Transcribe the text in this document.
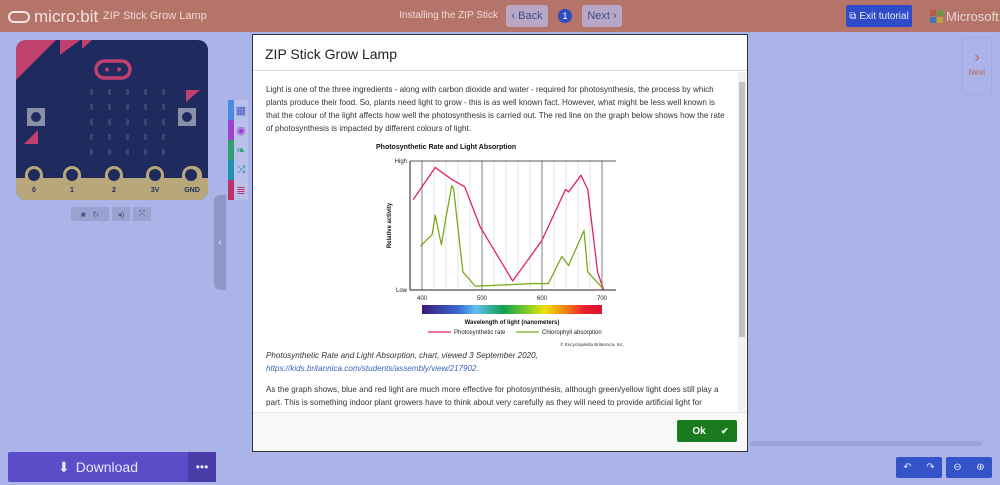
micro:bit ZIP Stick Grow Lamp	Installing the ZIP Stick ‹ Back	1	Next ›	⧉ Exit tutorial	Microsoft
0	1	2	3V	GND
■
↻	◂)	⤧
‹
▦
◉
❧
⤨
≣
›
Next
ZIP Stick Grow Lamp

Light is one of the three ingredients - along with carbon dioxide and water - required for photosynthesis, the process by which plants produce their food. So, plants need light to grow - this is as well known fact. However, what might be less well known is that the colour of the light affects how well the photosynthesis is carried out. The red line on the graph below shows how the rate of photosynthesis is impacted by different colours of light.

Photosynthetic Rate and Light Absorption
400	500	600	700
Low
High
Relative activity
Wavelength of light (nanometers)
Photosynthetic rate	Chlorophyll absorption
© Encyclopædia Britannica, Inc.

Photosynthetic Rate and Light Absorption, chart, viewed 3 September 2020,
https://kids.britannica.com/students/assembly/view/217902.

As the graph shows, blue and red light are much more effective for photosynthesis, although green/yellow light does still play a part. This is something indoor plant growers have to think about very carefully as they will need to provide artificial light for

Ok	✔
⬇ Download	•••	↶ ↷ ⊖ ⊕
